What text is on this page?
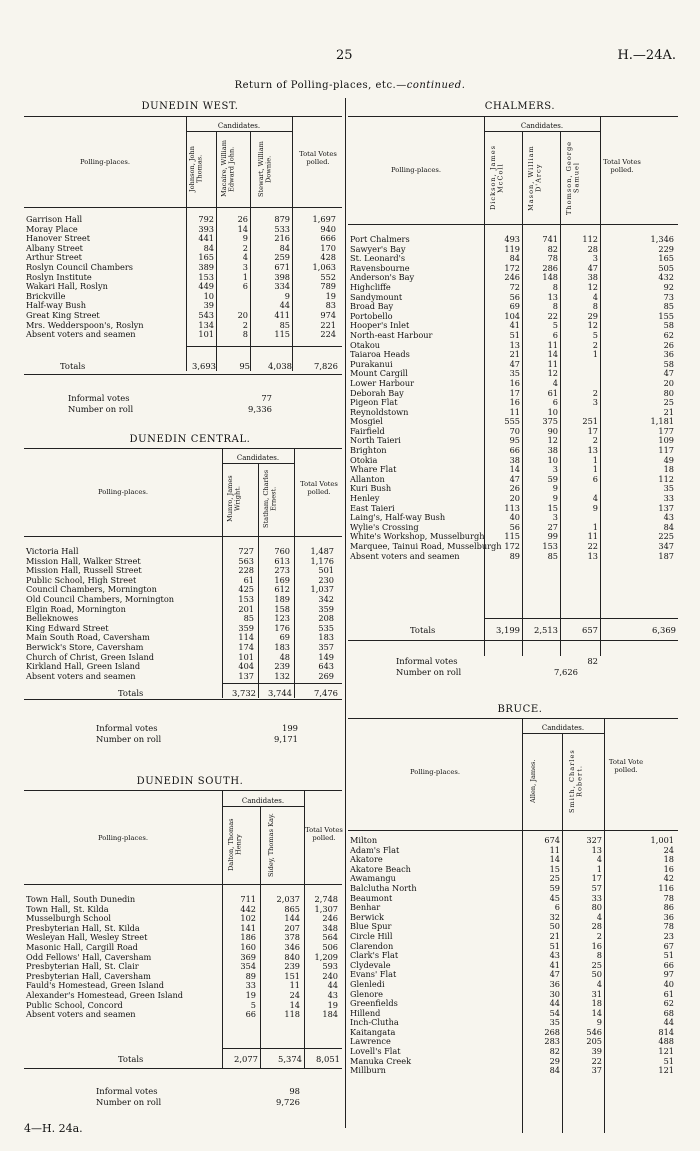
25	H.—24A.
Return of Polling-places, etc.—continued.
DUNEDIN WEST.
Polling-places.
Candidates.
Johnson, John Thomas.	Macaire, William Edward John.	Stewart, William Downie.
Total Votes polled.
Garrison Hall	792	26	879	1,697
Moray Place	393	14	533	940
Hanover Street	441	9	216	666
Albany Street	84	2	84	170
Arthur Street	165	4	259	428
Roslyn Council Chambers	389	3	671	1,063
Roslyn Institute	153	1	398	552
Wakari Hall, Roslyn	449	6	334	789
Brickville	10		9	19
Half-way Bush	39		44	83
Great King Street	543	20	411	974
Mrs. Wedderspoon's, Roslyn	134	2	85	221
Absent voters and seamen	101	8	115	224
Totals	3,693	95	4,038	7,826
Informal votes	77
Number on roll	9,336
DUNEDIN CENTRAL.
Polling-places.
Candidates.
Munro, James Wright.	Statham, Charles Ernest.
Total Votes polled.
Victoria Hall	727	760	1,487
Mission Hall, Walker Street	563	613	1,176
Mission Hall, Russell Street	228	273	501
Public School, High Street	61	169	230
Council Chambers, Mornington	425	612	1,037
Old Council Chambers, Mornington	153	189	342
Elgin Road, Mornington	201	158	359
Belleknowes	85	123	208
King Edward Street	359	176	535
Main South Road, Caversham	114	69	183
Berwick's Store, Caversham	174	183	357
Church of Christ, Green Island	101	48	149
Kirkland Hall, Green Island	404	239	643
Absent voters and seamen	137	132	269
Totals	3,732	3,744	7,476
Informal votes	199
Number on roll	9,171
DUNEDIN SOUTH.
Polling-places.
Candidates.
Dalton, Thomas Henry	Sidey, Thomas Kay.	Total Votes polled.
Town Hall, South Dunedin	711	2,037	2,748
Town Hall, St. Kilda	442	865	1,307
Musselburgh School	102	144	246
Presbyterian Hall, St. Kilda	141	207	348
Wesleyan Hall, Wesley Street	186	378	564
Masonic Hall, Cargill Road	160	346	506
Odd Fellows' Hall, Caversham	369	840	1,209
Presbyterian Hall, St. Clair	354	239	593
Presbyterian Hall, Caversham	89	151	240
Fauld's Homestead, Green Island	33	11	44
Alexander's Homestead, Green Island	19	24	43
Public School, Concord	5	14	19
Absent voters and seamen	66	118	184
Totals	2,077	5,374	8,051
Informal votes	98
Number on roll	9,726
CHALMERS.
Polling-places.
Candidates.
Dickson, James McColl	Mason, William D'Arcy	Thomson, George Samuel
Total Votes polled.
Port Chalmers	493	741	112	1,346
Sawyer's Bay	119	82	28	229
St. Leonard's	84	78	3	165
Ravensbourne	172	286	47	505
Anderson's Bay	246	148	38	432
Highcliffe	72	8	12	92
Sandymount	56	13	4	73
Broad Bay	69	8	8	85
Portobello	104	22	29	155
Hooper's Inlet	41	5	12	58
North-east Harbour	51	6	5	62
Otakou	13	11	2	26
Taiaroa Heads	21	14	1	36
Purakanui	47	11		58
Mount Cargill	35	12		47
Lower Harbour	16	4		20
Deborah Bay	17	61	2	80
Pigeon Flat	16	6	3	25
Reynoldstown	11	10		21
Mosgiel	555	375	251	1,181
Fairfield	70	90	17	177
North Taieri	95	12	2	109
Brighton	66	38	13	117
Otokia	38	10	1	49
Whare Flat	14	3	1	18
Allanton	47	59	6	112
Kuri Bush	26	9		35
Henley	20	9	4	33
East Taieri	113	15	9	137
Laing's, Half-way Bush	40	3		43
Wylie's Crossing	56	27	1	84
White's Workshop, Musselburgh	115	99	11	225
Marquee, Tainui Road, Musselburgh	172	153	22	347
Absent voters and seamen	89	85	13	187
Totals	3,199	2,513	657	6,369
Informal votes	82
Number on roll	7,626
BRUCE.
Polling-places.
Candidates.
Allen, James.	Smith, Charles Robert.
Total Vote polled.
Milton	674	327	1,001
Adam's Flat	11	13	24
Akatore	14	4	18
Akatore Beach	15	1	16
Awamangu	25	17	42
Balclutha North	59	57	116
Beaumont	45	33	78
Benhar	6	80	86
Berwick	32	4	36
Blue Spur	50	28	78
Circle Hill	21	2	23
Clarendon	51	16	67
Clark's Flat	43	8	51
Clydevale	41	25	66
Evans' Flat	47	50	97
Glenledi	36	4	40
Glenore	30	31	61
Greenfields	44	18	62
Hillend	54	14	68
Inch-Clutha	35	9	44
Kaitangata	268	546	814
Lawrence	283	205	488
Lovell's Flat	82	39	121
Manuka Creek	29	22	51
Millburn	84	37	121
4—H. 24a.
